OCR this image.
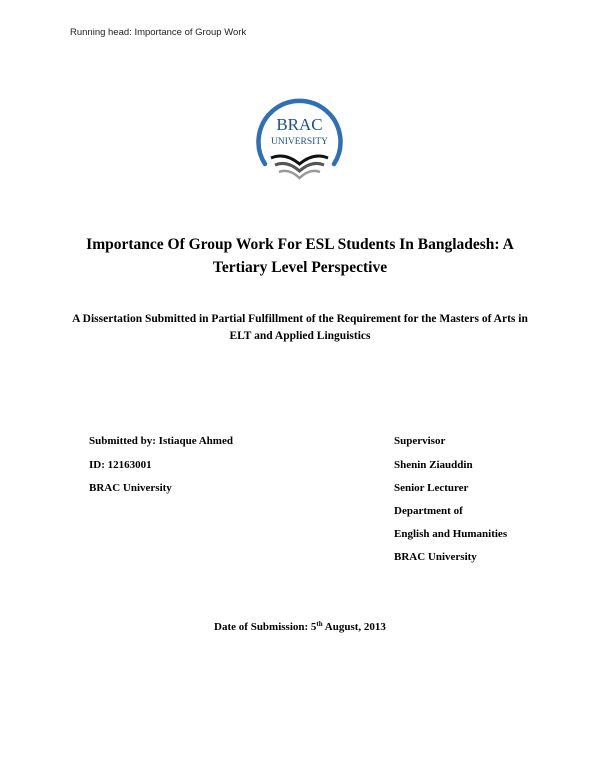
Running head: Importance of Group Work
BRAC
UNIVERSITY
Importance Of Group Work For ESL Students In Bangladesh: A Tertiary Level Perspective
A Dissertation Submitted in Partial Fulfillment of the Requirement for the Masters of Arts in ELT and Applied Linguistics
Submitted by: Istiaque Ahmed
ID: 12163001
BRAC University
Supervisor
Shenin Ziauddin
Senior Lecturer
Department of
English and Humanities
BRAC University
Date of Submission: 5th August, 2013
